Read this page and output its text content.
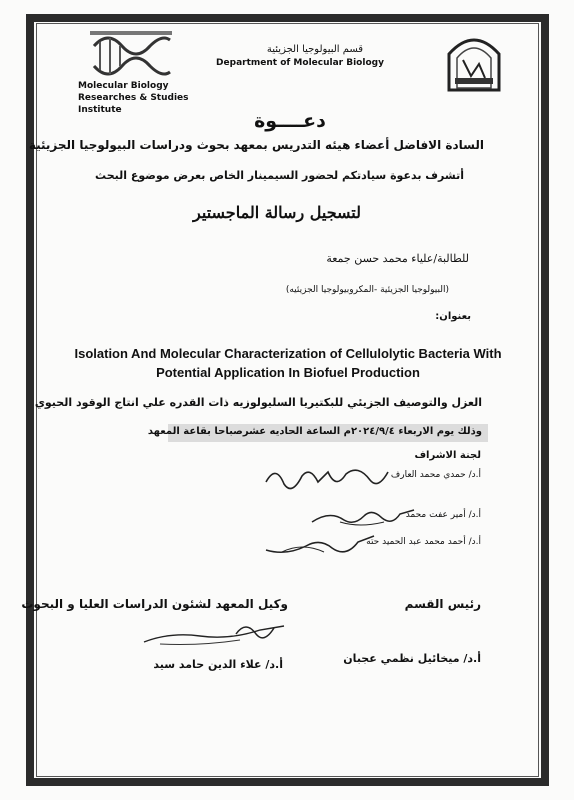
Molecular Biology Researches & Studies Institute
قسم البيولوجيا الجزيئية
Department of Molecular Biology
دعــــوة
السادة الافاضل أعضاء هيئه التدريس بمعهد بحوث ودراسات البيولوجيا الجزيئية
أتشرف بدعوة سيادتكم لحضور السيمينار الخاص بعرض موضوع البحث
لتسجيل رسالة الماجستير
للطالبة/علياء محمد حسن جمعة
(البيولوجيا الجزيئية -المكروبيولوجيا الجزيئيه)
بعنوان:
Isolation And Molecular Characterization of Cellulolytic Bacteria With Potential Application In Biofuel Production
العزل والتوصيف الجزيئي للبكتيريا السليولوزيه ذات القدره علي انتاج الوقود الحيوي
وذلك يوم الاربعاء ٢٠٢٤/٩/٤م الساعة الحاديه عشرصباحا بقاعة المعهد
لجنة الاشراف
أ.د/ حمدي محمد العارف
أ.د/ أمير عفت محمد
أ.د/ أحمد محمد عبد الحميد حته
وكيل المعهد لشئون الدراسات العليا و البحوث	رئيس القسم
أ.د/ علاء الدين حامد سيد	أ.د/ ميخائيل نظمي عجبان
